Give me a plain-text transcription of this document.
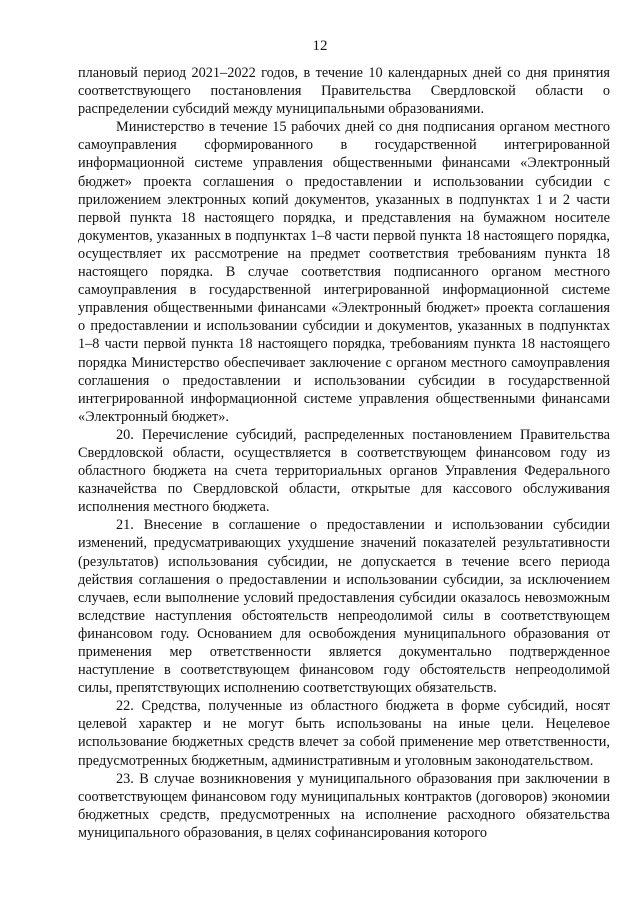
12

плановый период 2021–2022 годов, в течение 10 календарных дней со дня принятия соответствующего постановления Правительства Свердловской области о распределении субсидий между муниципальными образованиями.

Министерство в течение 15 рабочих дней со дня подписания органом местного самоуправления сформированного в государственной интегрированной информационной системе управления общественными финансами «Электронный бюджет» проекта соглашения о предоставлении и использовании субсидии с приложением электронных копий документов, указанных в подпунктах 1 и 2 части первой пункта 18 настоящего порядка, и представления на бумажном носителе документов, указанных в подпунктах 1–8 части первой пункта 18 настоящего порядка, осуществляет их рассмотрение на предмет соответствия требованиям пункта 18 настоящего порядка. В случае соответствия подписанного органом местного самоуправления в государственной интегрированной информационной системе управления общественными финансами «Электронный бюджет» проекта соглашения о предоставлении и использовании субсидии и документов, указанных в подпунктах 1–8 части первой пункта 18 настоящего порядка, требованиям пункта 18 настоящего порядка Министерство обеспечивает заключение с органом местного самоуправления соглашения о предоставлении и использовании субсидии в государственной интегрированной информационной системе управления общественными финансами «Электронный бюджет».

20. Перечисление субсидий, распределенных постановлением Правительства Свердловской области, осуществляется в соответствующем финансовом году из областного бюджета на счета территориальных органов Управления Федерального казначейства по Свердловской области, открытые для кассового обслуживания исполнения местного бюджета.

21. Внесение в соглашение о предоставлении и использовании субсидии изменений, предусматривающих ухудшение значений показателей результативности (результатов) использования субсидии, не допускается в течение всего периода действия соглашения о предоставлении и использовании субсидии, за исключением случаев, если выполнение условий предоставления субсидии оказалось невозможным вследствие наступления обстоятельств непреодолимой силы в соответствующем финансовом году. Основанием для освобождения муниципального образования от применения мер ответственности является документально подтвержденное наступление в соответствующем финансовом году обстоятельств непреодолимой силы, препятствующих исполнению соответствующих обязательств.

22. Средства, полученные из областного бюджета в форме субсидий, носят целевой характер и не могут быть использованы на иные цели. Нецелевое использование бюджетных средств влечет за собой применение мер ответственности, предусмотренных бюджетным, административным и уголовным законодательством.

23. В случае возникновения у муниципального образования при заключении в соответствующем финансовом году муниципальных контрактов (договоров) экономии бюджетных средств, предусмотренных на исполнение расходного обязательства муниципального образования, в целях софинансирования которого
